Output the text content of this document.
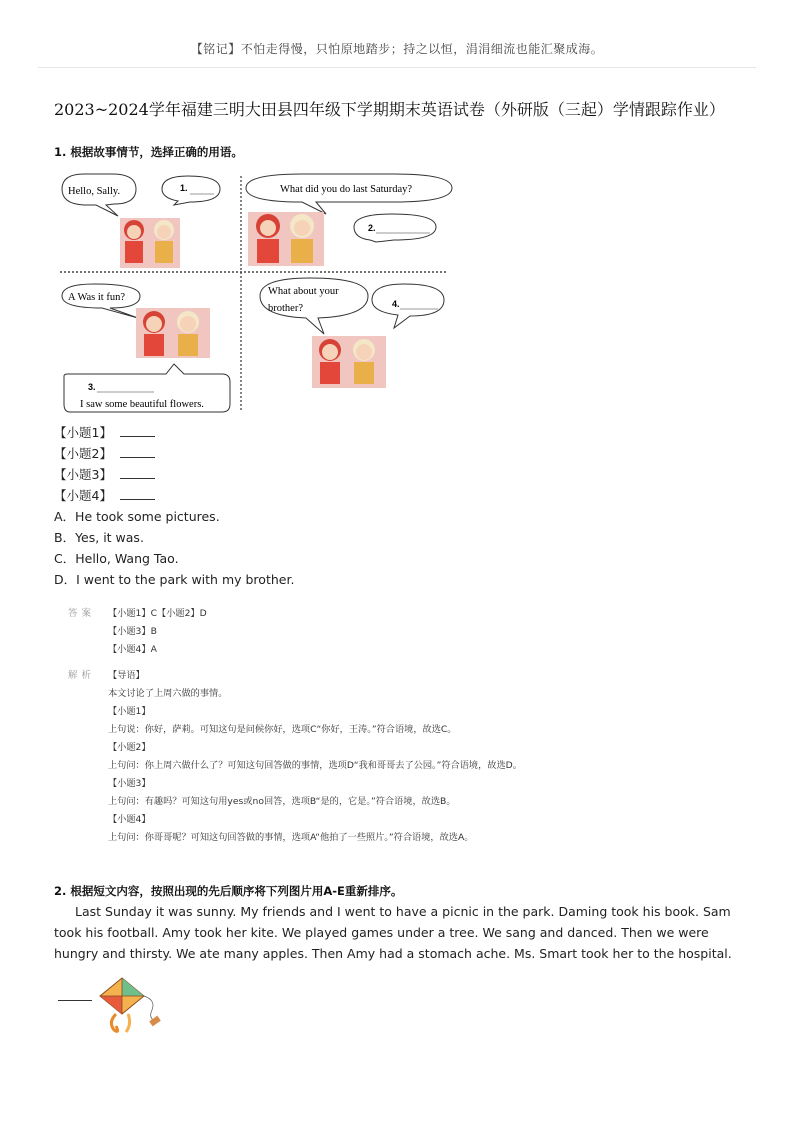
【铭记】不怕走得慢，只怕原地踏步；持之以恒，涓涓细流也能汇聚成海。
2023~2024学年福建三明大田县四年级下学期期末英语试卷（外研版（三起）学情跟踪作业）
1. 根据故事情节，选择正确的用语。
Hello, Sally.	1.	What did you do last Saturday?
2.
A Was it fun?
3.
I saw some beautiful flowers.
What about your
brother?	4.
【小题1】
【小题2】
【小题3】
【小题4】
A．He took some pictures.
B．Yes, it was.
C．Hello, Wang Tao.
D．I went to the park with my brother.
答案 【小题1】C【小题2】D
【小题3】B
【小题4】A
解析 【导语】
本文讨论了上周六做的事情。
【小题1】
上句说：你好，萨莉。可知这句是问候你好，选项C“你好，王涛。”符合语境，故选C。
【小题2】
上句问：你上周六做什么了？可知这句回答做的事情，选项D“我和哥哥去了公园。”符合语境，故选D。
【小题3】
上句问：有趣吗？可知这句用yes或no回答，选项B“是的，它是。”符合语境，故选B。
【小题4】
上句问：你哥哥呢？可知这句回答做的事情，选项A“他拍了一些照片。”符合语境，故选A。
2. 根据短文内容，按照出现的先后顺序将下列图片用A-E重新排序。
Last Sunday it was sunny. My friends and I went to have a picnic in the park. Daming took his book. Sam took his football. Amy took her kite. We played games under a tree. We sang and danced. Then we were hungry and thirsty. We ate many apples. Then Amy had a stomach ache. Ms. Smart took her to the hospital.
